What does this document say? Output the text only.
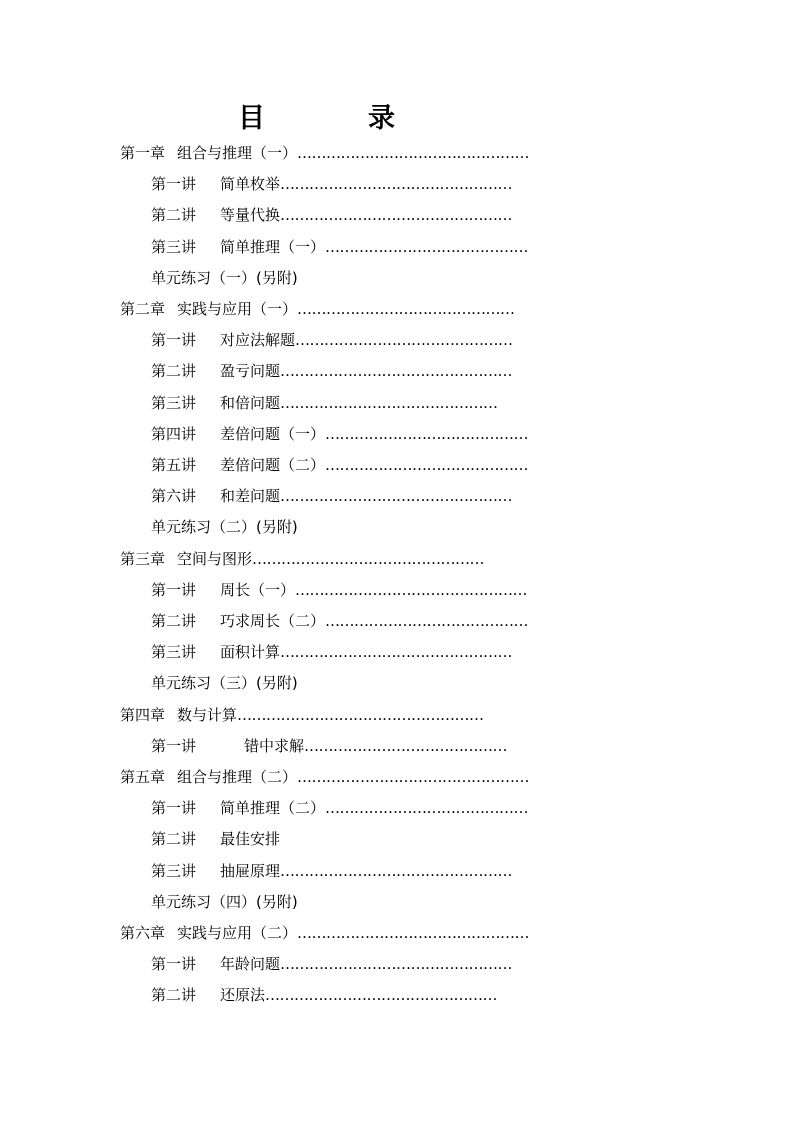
目	录
第一章 组合与推理（一）…………………………………………
第一讲 简单枚举…………………………………………
第二讲 等量代换…………………………………………
第三讲 简单推理（一）……………………………………
单元练习（一）(另附)
第二章 实践与应用（一）………………………………………
第一讲 对应法解题………………………………………
第二讲 盈亏问题…………………………………………
第三讲 和倍问题………………………………………
第四讲 差倍问题（一）……………………………………
第五讲 差倍问题（二）……………………………………
第六讲 和差问题…………………………………………
单元练习（二）(另附)
第三章 空间与图形…………………………………………
第一讲 周长（一）…………………………………………
第二讲 巧求周长（二）……………………………………
第三讲 面积计算…………………………………………
单元练习（三）(另附)
第四章 数与计算……………………………………………
第一讲	错中求解……………………………………
第五章 组合与推理（二）…………………………………………
第一讲 简单推理（二）……………………………………
第二讲 最佳安排
第三讲 抽屉原理…………………………………………
单元练习（四）(另附)
第六章 实践与应用（二）…………………………………………
第一讲 年龄问题…………………………………………
第二讲 还原法…………………………………………
